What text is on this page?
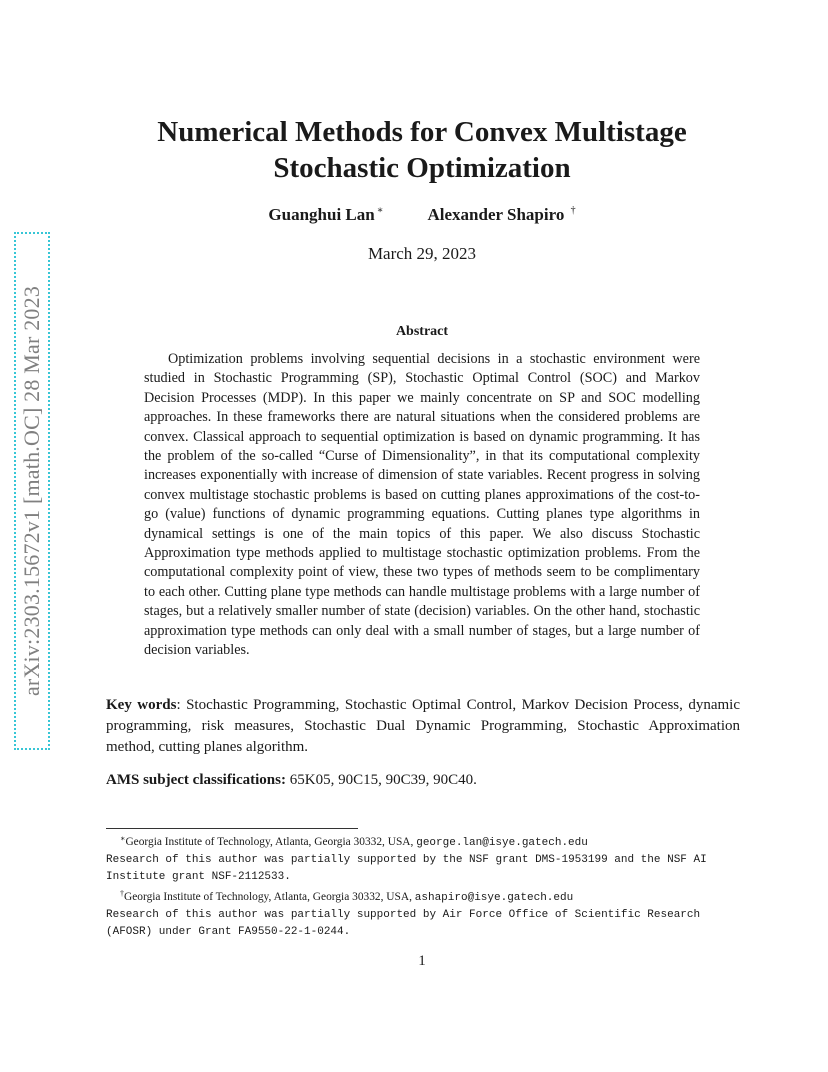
arXiv:2303.15672v1 [math.OC] 28 Mar 2023
Numerical Methods for Convex Multistage
Stochastic Optimization
Guanghui Lan ∗	Alexander Shapiro †
March 29, 2023
Abstract

Optimization problems involving sequential decisions in a stochastic environment were studied in Stochastic Programming (SP), Stochastic Optimal Control (SOC) and Markov Decision Processes (MDP). In this paper we mainly concentrate on SP and SOC modelling approaches. In these frameworks there are natural situations when the considered problems are convex. Classical approach to sequential optimization is based on dynamic programming. It has the problem of the so-called “Curse of Dimensionality”, in that its computational complexity increases exponentially with increase of dimension of state variables. Recent progress in solving convex multistage stochastic problems is based on cutting planes approximations of the cost-to-go (value) functions of dynamic programming equations. Cutting planes type algorithms in dynamical settings is one of the main topics of this paper. We also discuss Stochastic Approximation type methods applied to multistage stochastic optimization problems. From the computational complexity point of view, these two types of methods seem to be complimentary to each other. Cutting plane type methods can handle multistage problems with a large number of stages, but a relatively smaller number of state (decision) variables. On the other hand, stochastic approximation type methods can only deal with a small number of stages, but a large number of decision variables.

Key words: Stochastic Programming, Stochastic Optimal Control, Markov Decision Process, dynamic programming, risk measures, Stochastic Dual Dynamic Programming, Stochastic Approximation method, cutting planes algorithm.

AMS subject classifications: 65K05, 90C15, 90C39, 90C40.

∗Georgia Institute of Technology, Atlanta, Georgia 30332, USA, george.lan@isye.gatech.edu
Research of this author was partially supported by the NSF grant DMS-1953199 and the NSF AI Institute grant NSF-2112533.

†Georgia Institute of Technology, Atlanta, Georgia 30332, USA, ashapiro@isye.gatech.edu
Research of this author was partially supported by Air Force Office of Scientific Research (AFOSR) under Grant FA9550-22-1-0244.

1
